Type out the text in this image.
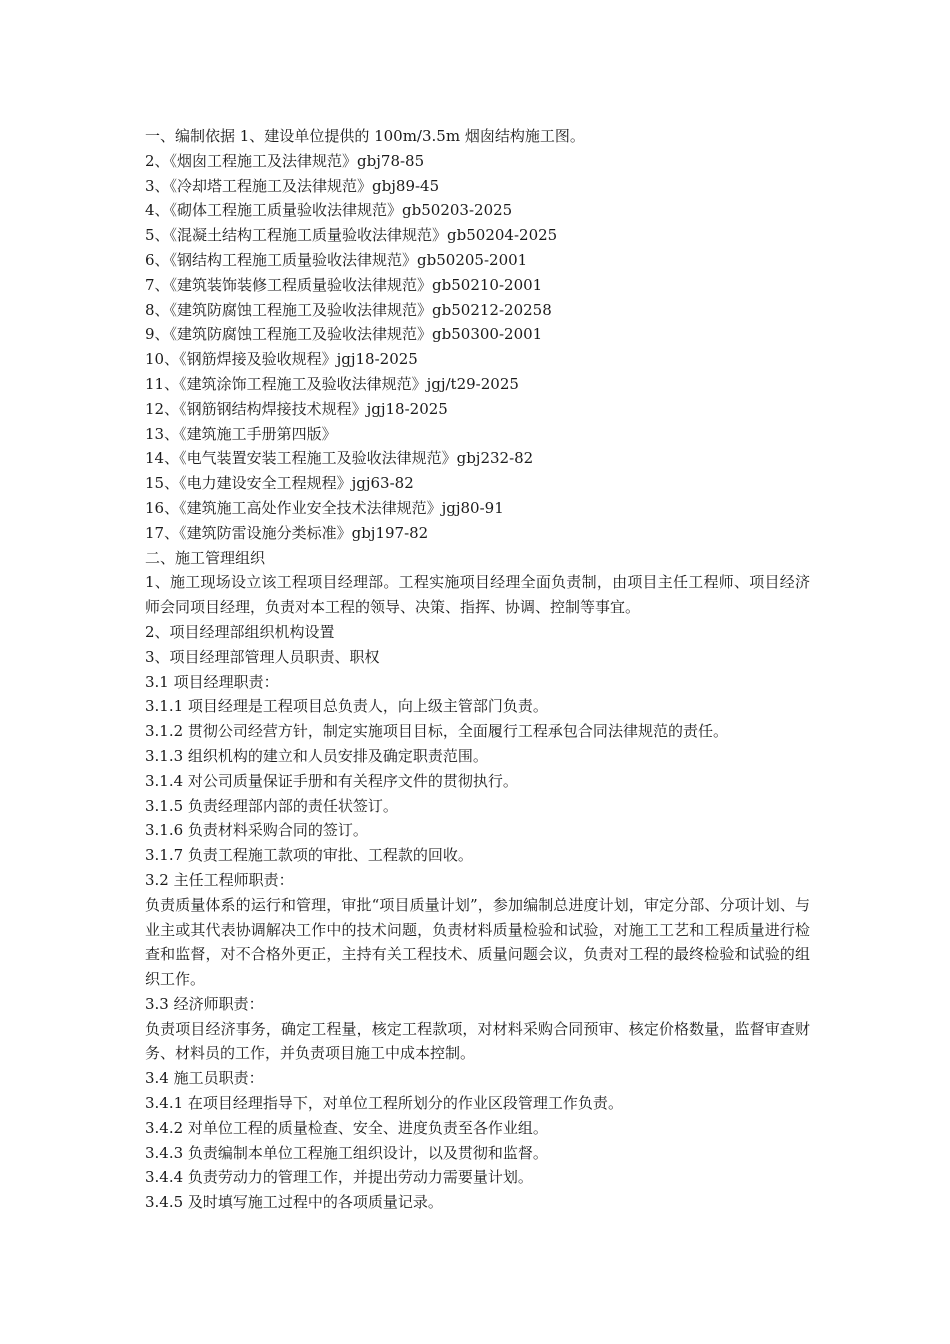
一、编制依据 1、建设单位提供的 100m/3.5m 烟囱结构施工图。
2、《烟囱工程施工及法律规范》gbj78-85
3、《冷却塔工程施工及法律规范》gbj89-45
4、《砌体工程施工质量验收法律规范》gb50203-2025
5、《混凝土结构工程施工质量验收法律规范》gb50204-2025
6、《钢结构工程施工质量验收法律规范》gb50205-2001
7、《建筑装饰装修工程质量验收法律规范》gb50210-2001
8、《建筑防腐蚀工程施工及验收法律规范》gb50212-20258
9、《建筑防腐蚀工程施工及验收法律规范》gb50300-2001
10、《钢筋焊接及验收规程》jgj18-2025
11、《建筑涂饰工程施工及验收法律规范》jgj/t29-2025
12、《钢筋钢结构焊接技术规程》jgj18-2025
13、《建筑施工手册第四版》
14、《电气装置安装工程施工及验收法律规范》gbj232-82
15、《电力建设安全工程规程》jgj63-82
16、《建筑施工高处作业安全技术法律规范》jgj80-91
17、《建筑防雷设施分类标准》gbj197-82
二、施工管理组织
1、施工现场设立该工程项目经理部。工程实施项目经理全面负责制，由项目主任工程师、项目经济师会同项目经理，负责对本工程的领导、决策、指挥、协调、控制等事宜。
2、项目经理部组织机构设置
3、项目经理部管理人员职责、职权
3.1 项目经理职责：
3.1.1 项目经理是工程项目总负责人，向上级主管部门负责。
3.1.2 贯彻公司经营方针，制定实施项目目标，全面履行工程承包合同法律规范的责任。
3.1.3 组织机构的建立和人员安排及确定职责范围。
3.1.4 对公司质量保证手册和有关程序文件的贯彻执行。
3.1.5 负责经理部内部的责任状签订。
3.1.6 负责材料采购合同的签订。
3.1.7 负责工程施工款项的审批、工程款的回收。
3.2 主任工程师职责：
负责质量体系的运行和管理，审批“项目质量计划”，参加编制总进度计划，审定分部、分项计划、与业主或其代表协调解决工作中的技术问题，负责材料质量检验和试验，对施工工艺和工程质量进行检查和监督，对不合格外更正，主持有关工程技术、质量问题会议，负责对工程的最终检验和试验的组织工作。
3.3 经济师职责：
负责项目经济事务，确定工程量，核定工程款项，对材料采购合同预审、核定价格数量，监督审查财务、材料员的工作，并负责项目施工中成本控制。
3.4 施工员职责：
3.4.1 在项目经理指导下，对单位工程所划分的作业区段管理工作负责。
3.4.2 对单位工程的质量检查、安全、进度负责至各作业组。
3.4.3 负责编制本单位工程施工组织设计，以及贯彻和监督。
3.4.4 负责劳动力的管理工作，并提出劳动力需要量计划。
3.4.5 及时填写施工过程中的各项质量记录。
